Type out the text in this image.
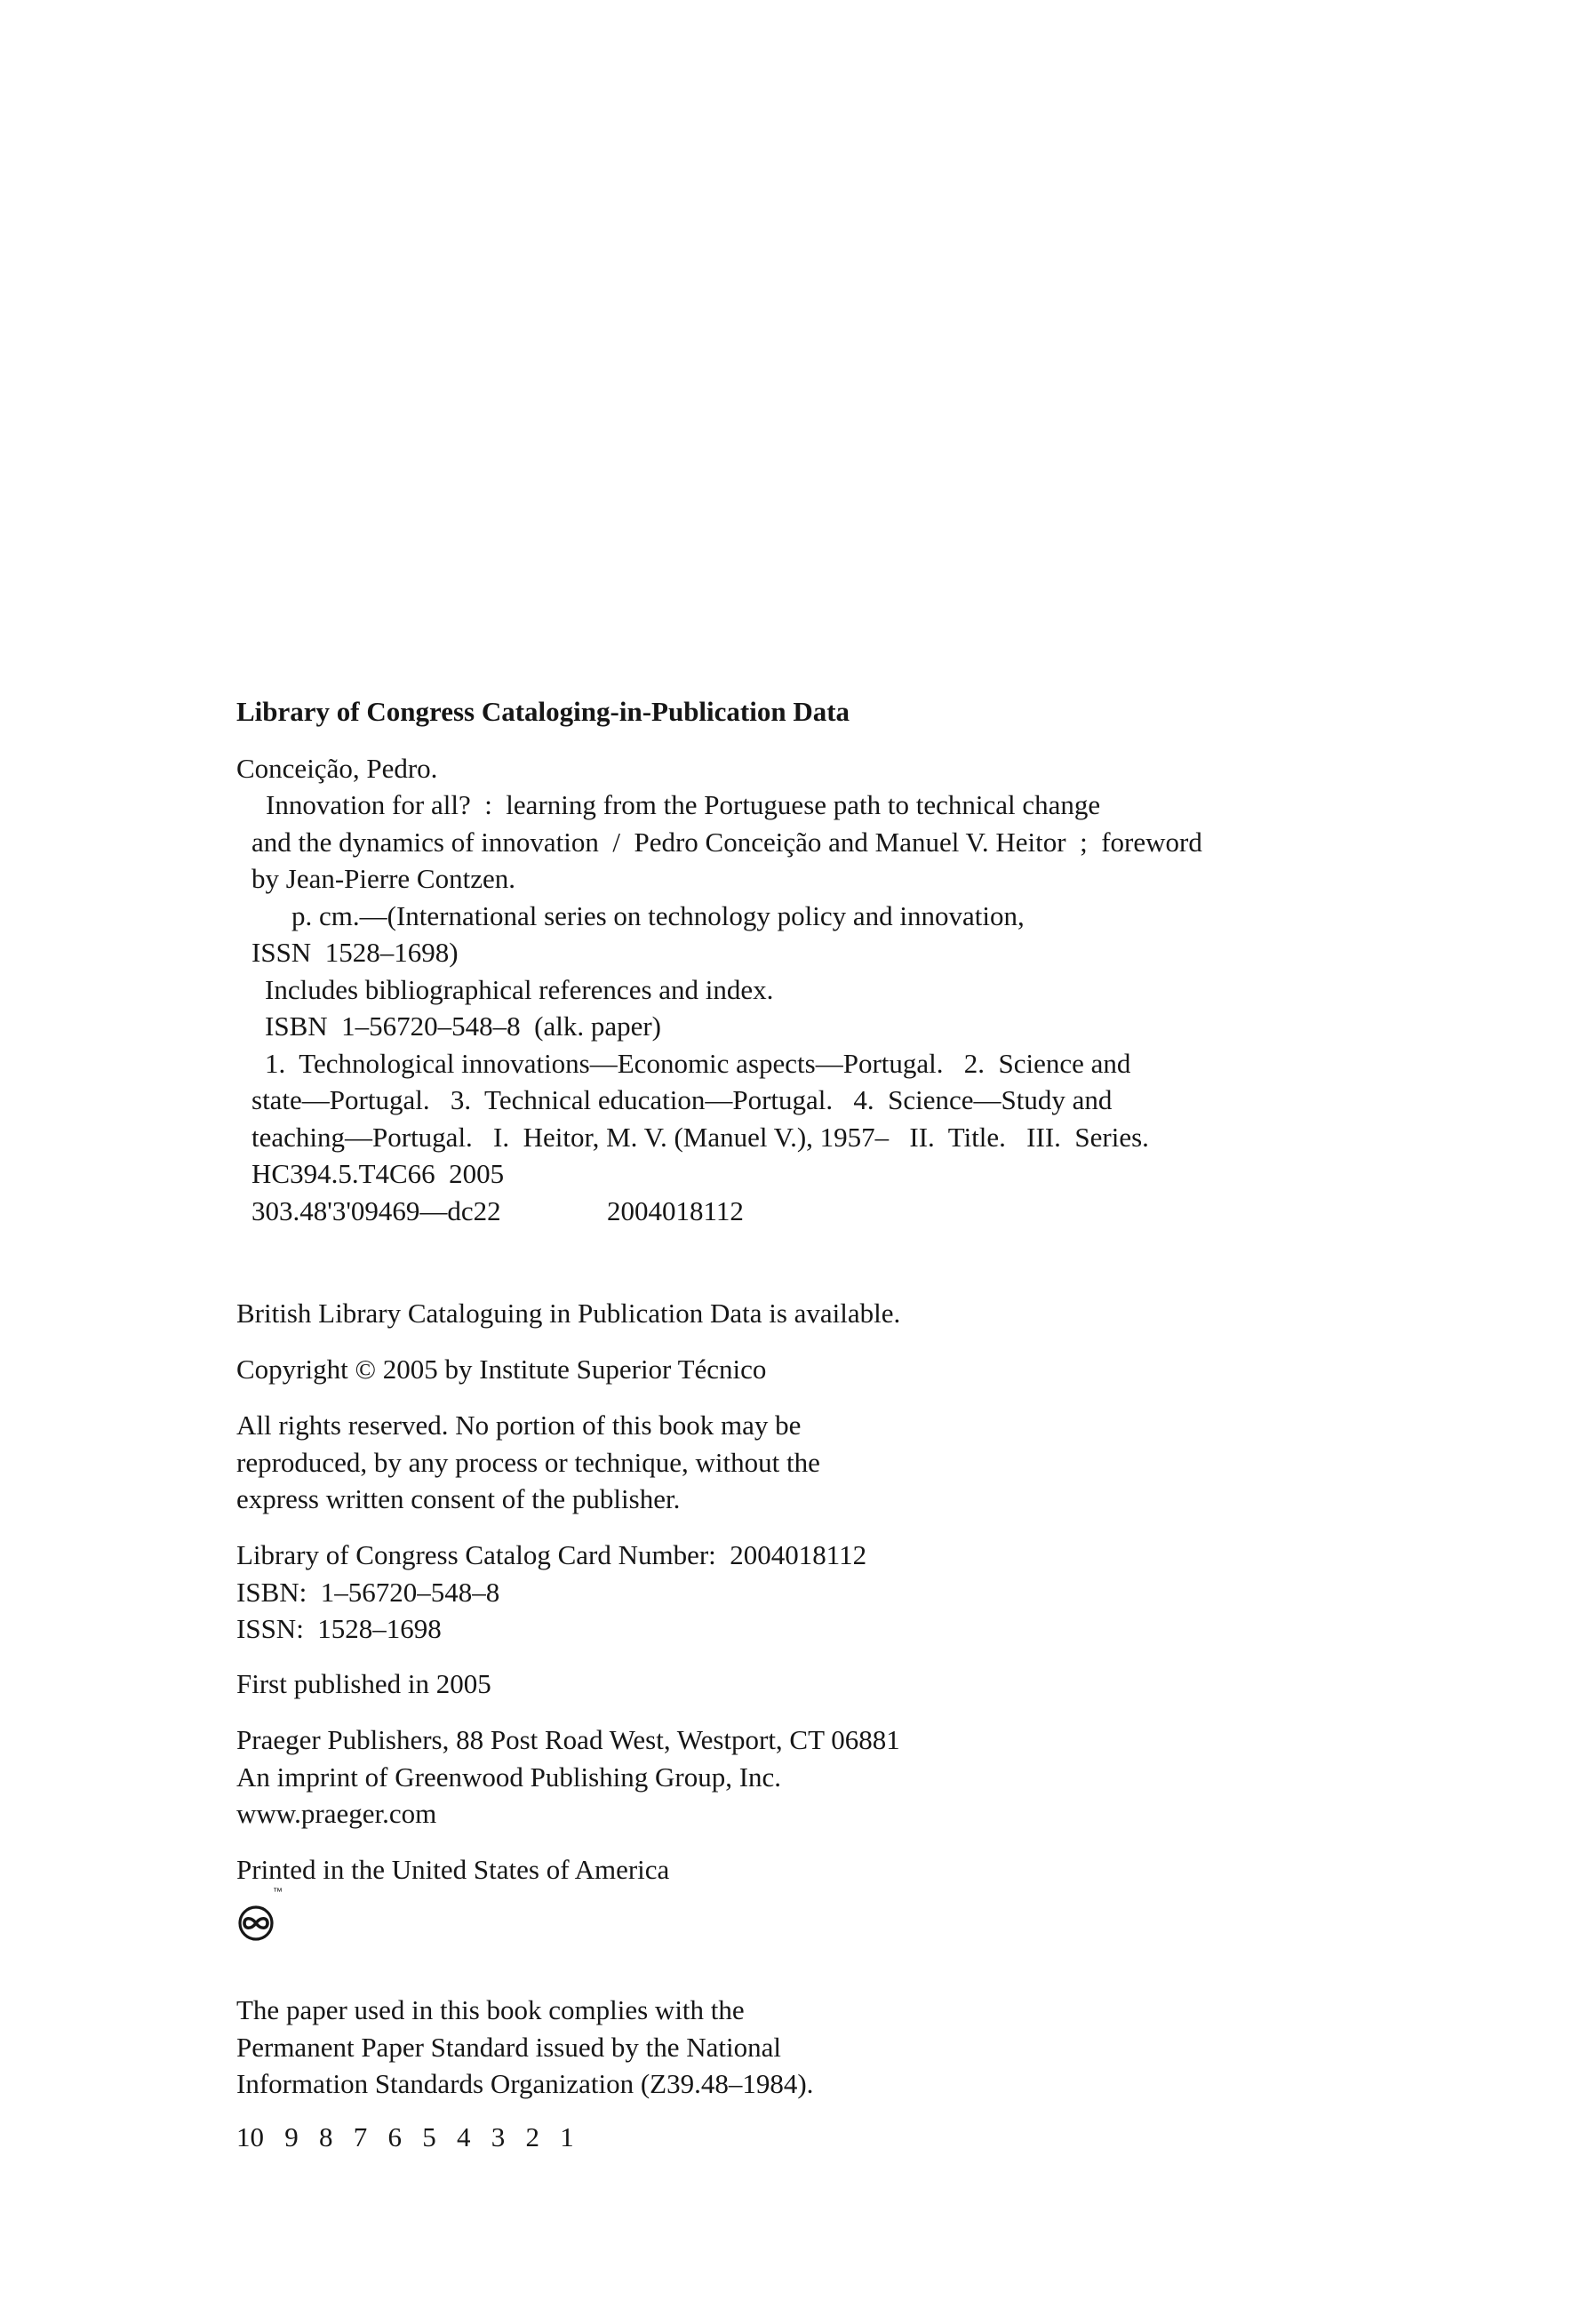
Library of Congress Cataloging-in-Publication Data
Conceição, Pedro.
Innovation for all?  :  learning from the Portuguese path to technical change
and the dynamics of innovation  /  Pedro Conceição and Manuel V. Heitor  ;  foreword
by Jean-Pierre Contzen.
p. cm.—(International series on technology policy and innovation,
ISSN  1528–1698)
Includes bibliographical references and index.
ISBN  1–56720–548–8  (alk. paper)
1.  Technological innovations—Economic aspects—Portugal.   2.  Science and
state—Portugal.   3.  Technical education—Portugal.   4.  Science—Study and
teaching—Portugal.   I.  Heitor, M. V. (Manuel V.), 1957–   II.  Title.   III.  Series.
HC394.5.T4C66  2005
303.48'3'09469—dc22	2004018112
British Library Cataloguing in Publication Data is available.
Copyright © 2005 by Institute Superior Técnico
All rights reserved. No portion of this book may be
reproduced, by any process or technique, without the
express written consent of the publisher.
Library of Congress Catalog Card Number:  2004018112
ISBN:  1–56720–548–8
ISSN:  1528–1698
First published in 2005
Praeger Publishers, 88 Post Road West, Westport, CT 06881
An imprint of Greenwood Publishing Group, Inc.
www.praeger.com
Printed in the United States of America
™
The paper used in this book complies with the
Permanent Paper Standard issued by the National
Information Standards Organization (Z39.48–1984).
10   9   8   7   6   5   4   3   2   1
